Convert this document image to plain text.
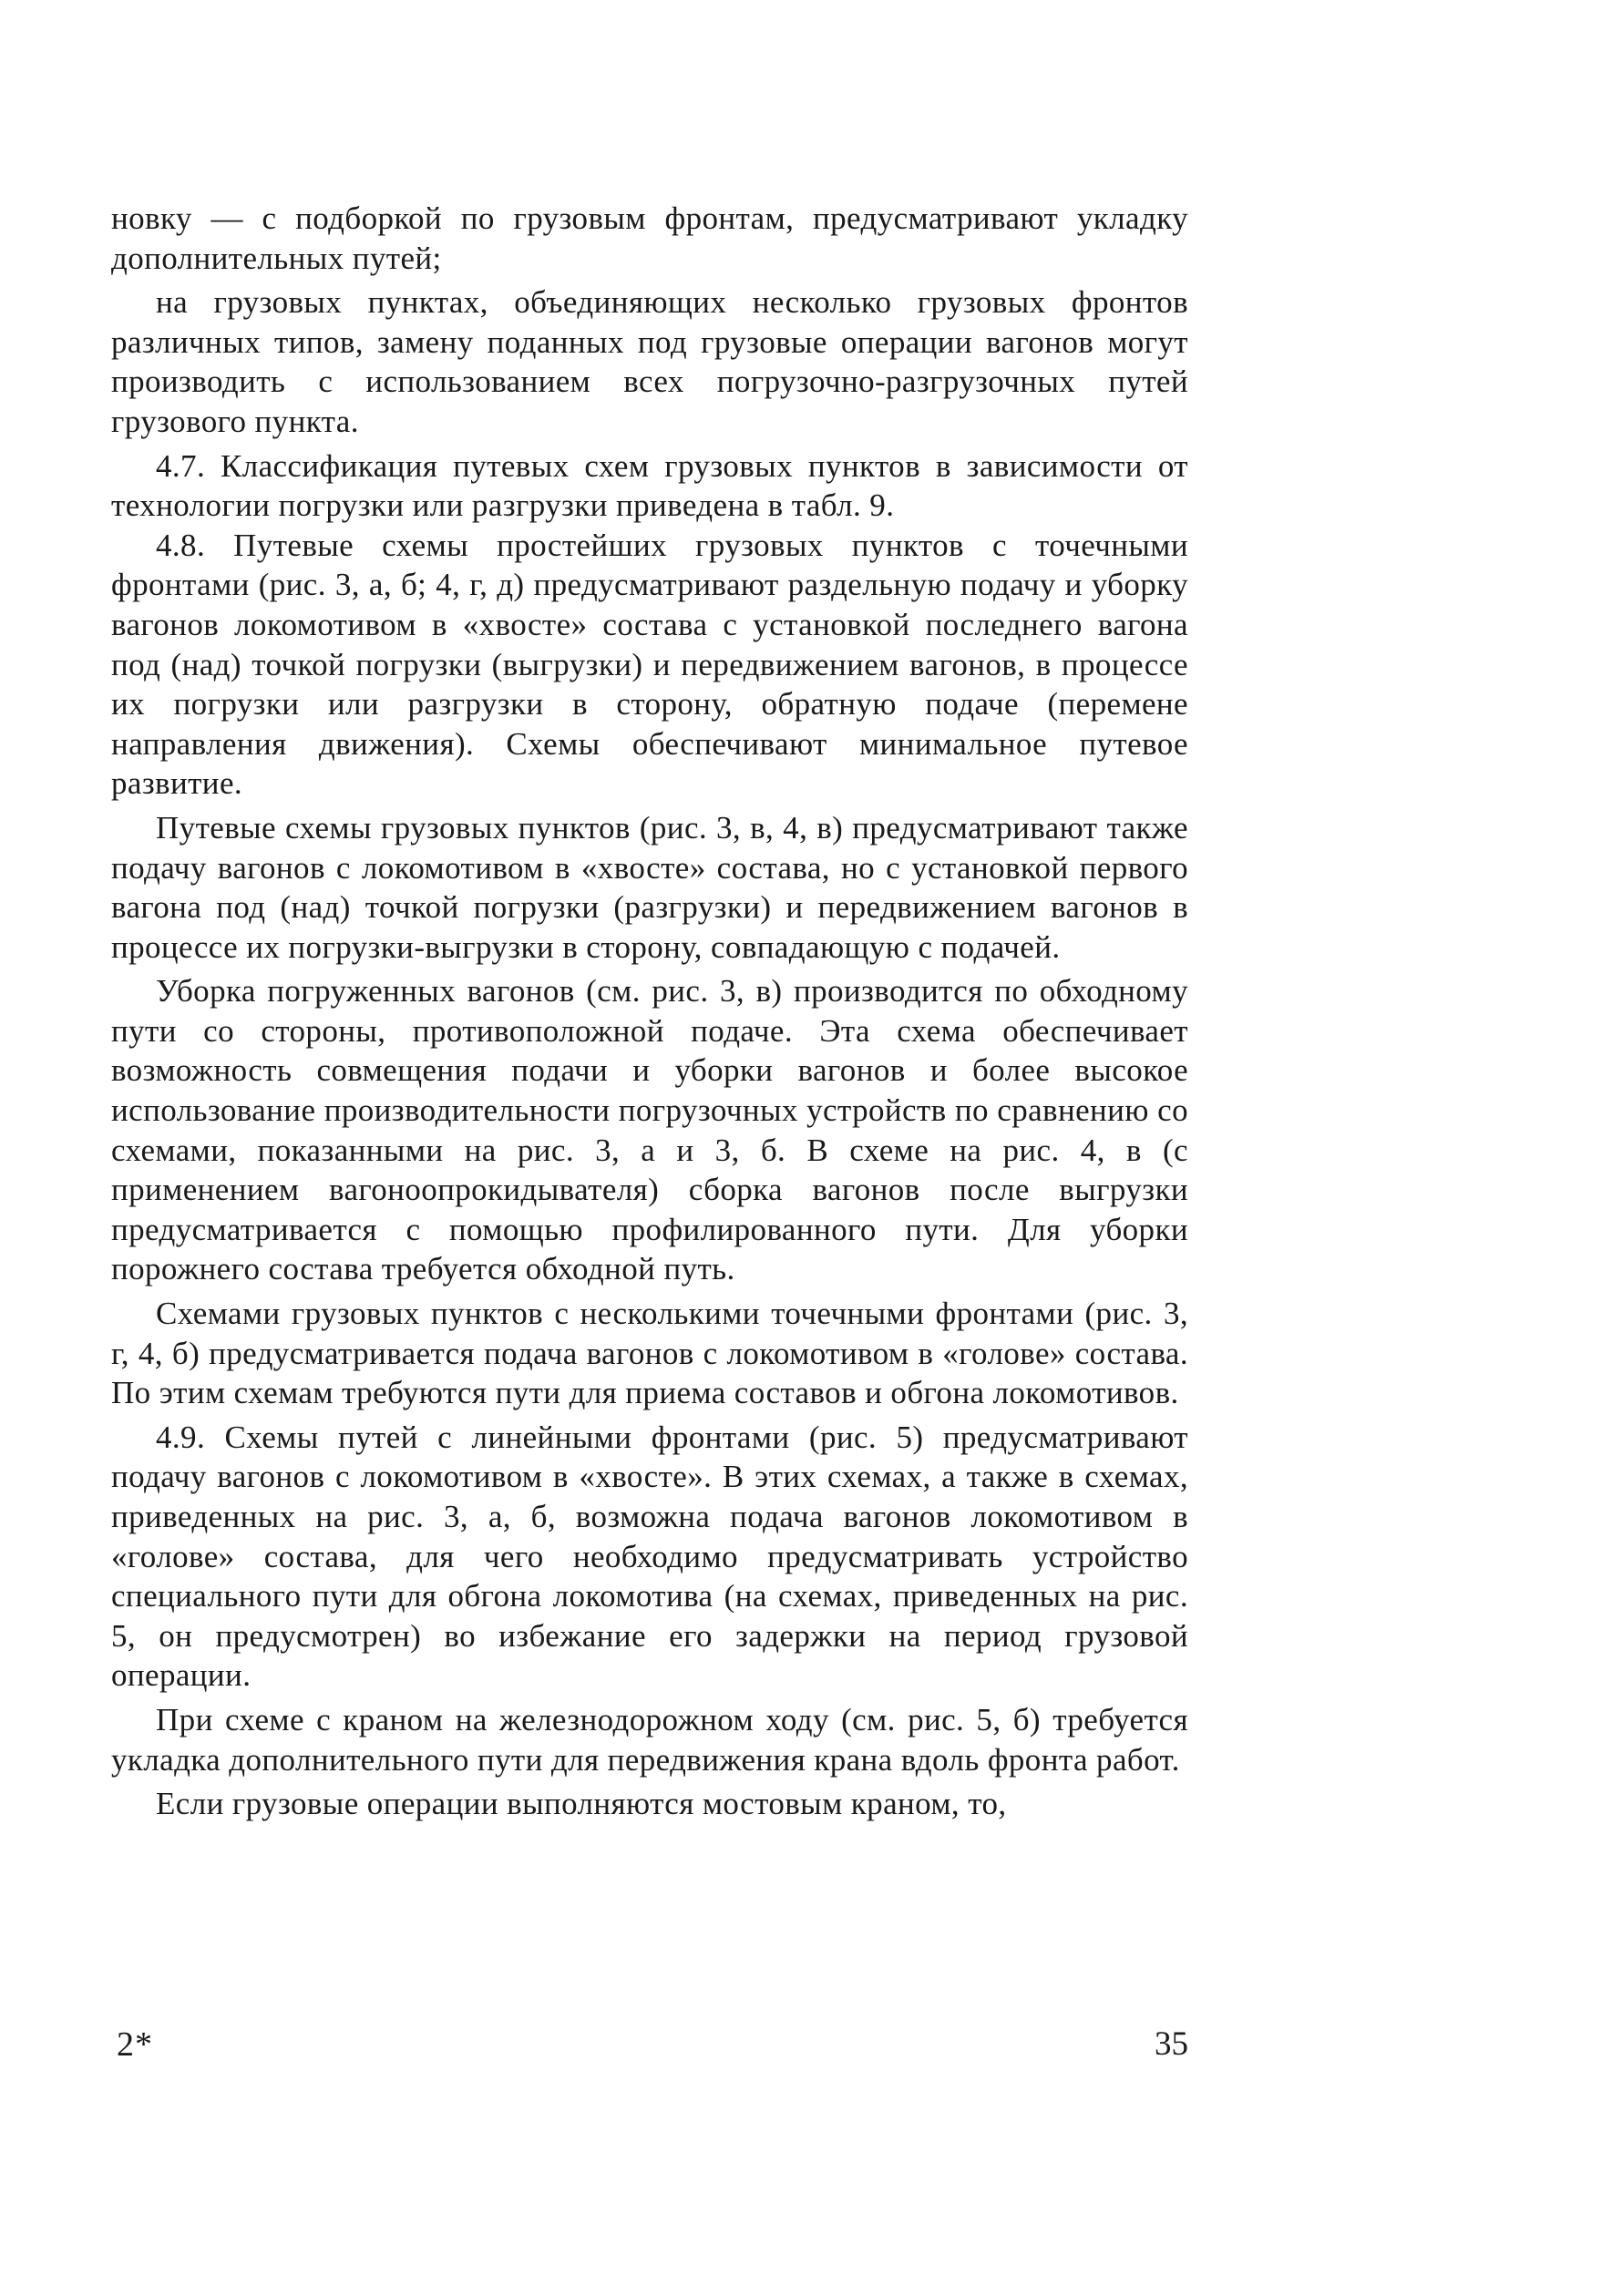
новку — с подборкой по грузовым фронтам, предусматривают укладку дополнительных путей;

на грузовых пунктах, объединяющих несколько грузовых фронтов различных типов, замену поданных под грузовые операции вагонов могут производить с использованием всех погрузочно-разгрузочных путей грузового пункта.

4.7. Классификация путевых схем грузовых пунктов в зависимости от технологии погрузки или разгрузки приведена в табл. 9.

4.8. Путевые схемы простейших грузовых пунктов с точечными фронтами (рис. 3, а, б; 4, г, д) предусматривают раздельную подачу и уборку вагонов локомотивом в «хвосте» состава с установкой последнего вагона под (над) точкой погрузки (выгрузки) и передвижением вагонов, в процессе их погрузки или разгрузки в сторону, обратную подаче (перемене направления движения). Схемы обеспечивают минимальное путевое развитие.

Путевые схемы грузовых пунктов (рис. 3, в, 4, в) предусматривают также подачу вагонов с локомотивом в «хвосте» состава, но с установкой первого вагона под (над) точкой погрузки (разгрузки) и передвижением вагонов в процессе их погрузки-выгрузки в сторону, совпадающую с подачей.

Уборка погруженных вагонов (см. рис. 3, в) производится по обходному пути со стороны, противоположной подаче. Эта схема обеспечивает возможность совмещения подачи и уборки вагонов и более высокое использование производительности погрузочных устройств по сравнению со схемами, показанными на рис. 3, а и 3, б. В схеме на рис. 4, в (с применением вагоноопрокидывателя) сборка вагонов после выгрузки предусматривается с помощью профилированного пути. Для уборки порожнего состава требуется обходной путь.

Схемами грузовых пунктов с несколькими точечными фронтами (рис. 3, г, 4, б) предусматривается подача вагонов с локомотивом в «голове» состава. По этим схемам требуются пути для приема составов и обгона локомотивов.

4.9. Схемы путей с линейными фронтами (рис. 5) предусматривают подачу вагонов с локомотивом в «хвосте». В этих схемах, а также в схемах, приведенных на рис. 3, а, б, возможна подача вагонов локомотивом в «голове» состава, для чего необходимо предусматривать устройство специального пути для обгона локомотива (на схемах, приведенных на рис. 5, он предусмотрен) во избежание его задержки на период грузовой операции.

При схеме с краном на железнодорожном ходу (см. рис. 5, б) требуется укладка дополнительного пути для передвижения крана вдоль фронта работ.

Если грузовые операции выполняются мостовым краном, то,

2*	35
